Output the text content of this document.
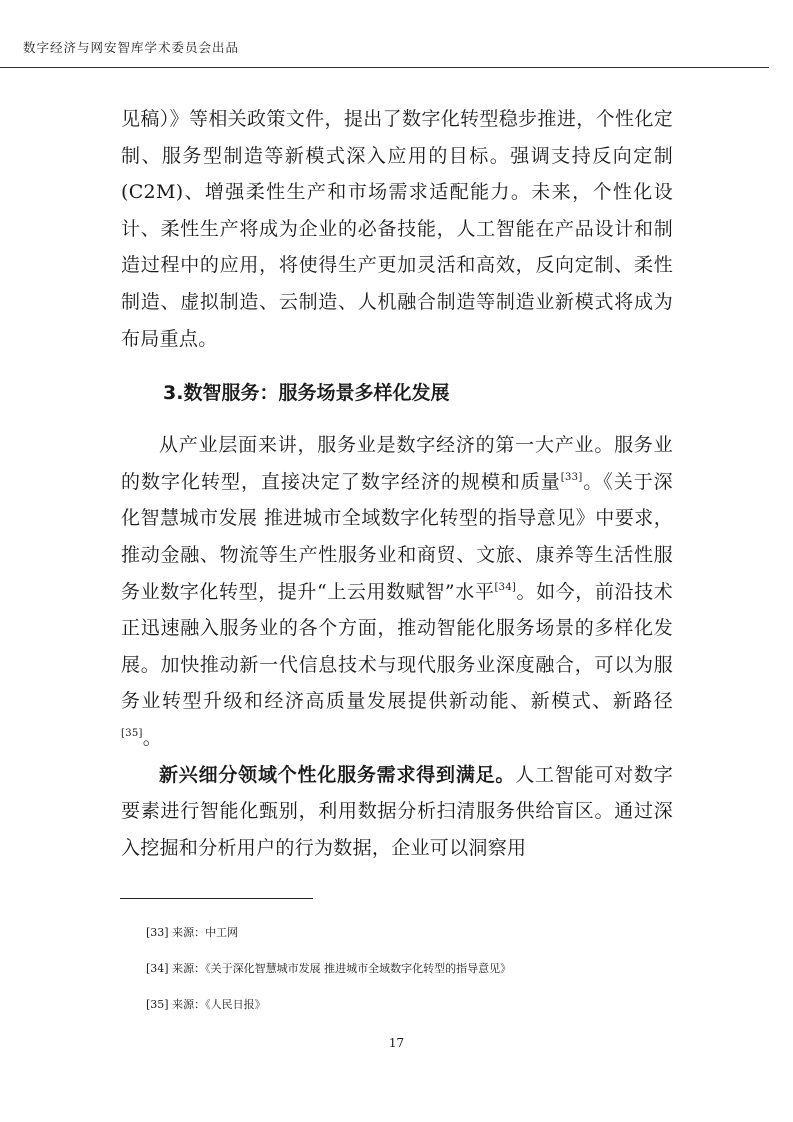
数字经济与网安智库学术委员会出品

见稿）》等相关政策文件，提出了数字化转型稳步推进，个性化定制、服务型制造等新模式深入应用的目标。强调支持反向定制(C2M)、增强柔性生产和市场需求适配能力。未来，个性化设计、柔性生产将成为企业的必备技能，人工智能在产品设计和制造过程中的应用，将使得生产更加灵活和高效，反向定制、柔性制造、虚拟制造、云制造、人机融合制造等制造业新模式将成为布局重点。

3.数智服务：服务场景多样化发展

从产业层面来讲，服务业是数字经济的第一大产业。服务业的数字化转型，直接决定了数字经济的规模和质量[33]。《关于深化智慧城市发展 推进城市全域数字化转型的指导意见》中要求，推动金融、物流等生产性服务业和商贸、文旅、康养等生活性服务业数字化转型，提升“上云用数赋智”水平[34]。如今，前沿技术正迅速融入服务业的各个方面，推动智能化服务场景的多样化发展。加快推动新一代信息技术与现代服务业深度融合，可以为服务业转型升级和经济高质量发展提供新动能、新模式、新路径[35]。

新兴细分领域个性化服务需求得到满足。人工智能可对数字要素进行智能化甄别，利用数据分析扫清服务供给盲区。通过深入挖掘和分析用户的行为数据，企业可以洞察用

[33] 来源：中工网

[34] 来源：《关于深化智慧城市发展 推进城市全域数字化转型的指导意见》

[35] 来源：《人民日报》

17
